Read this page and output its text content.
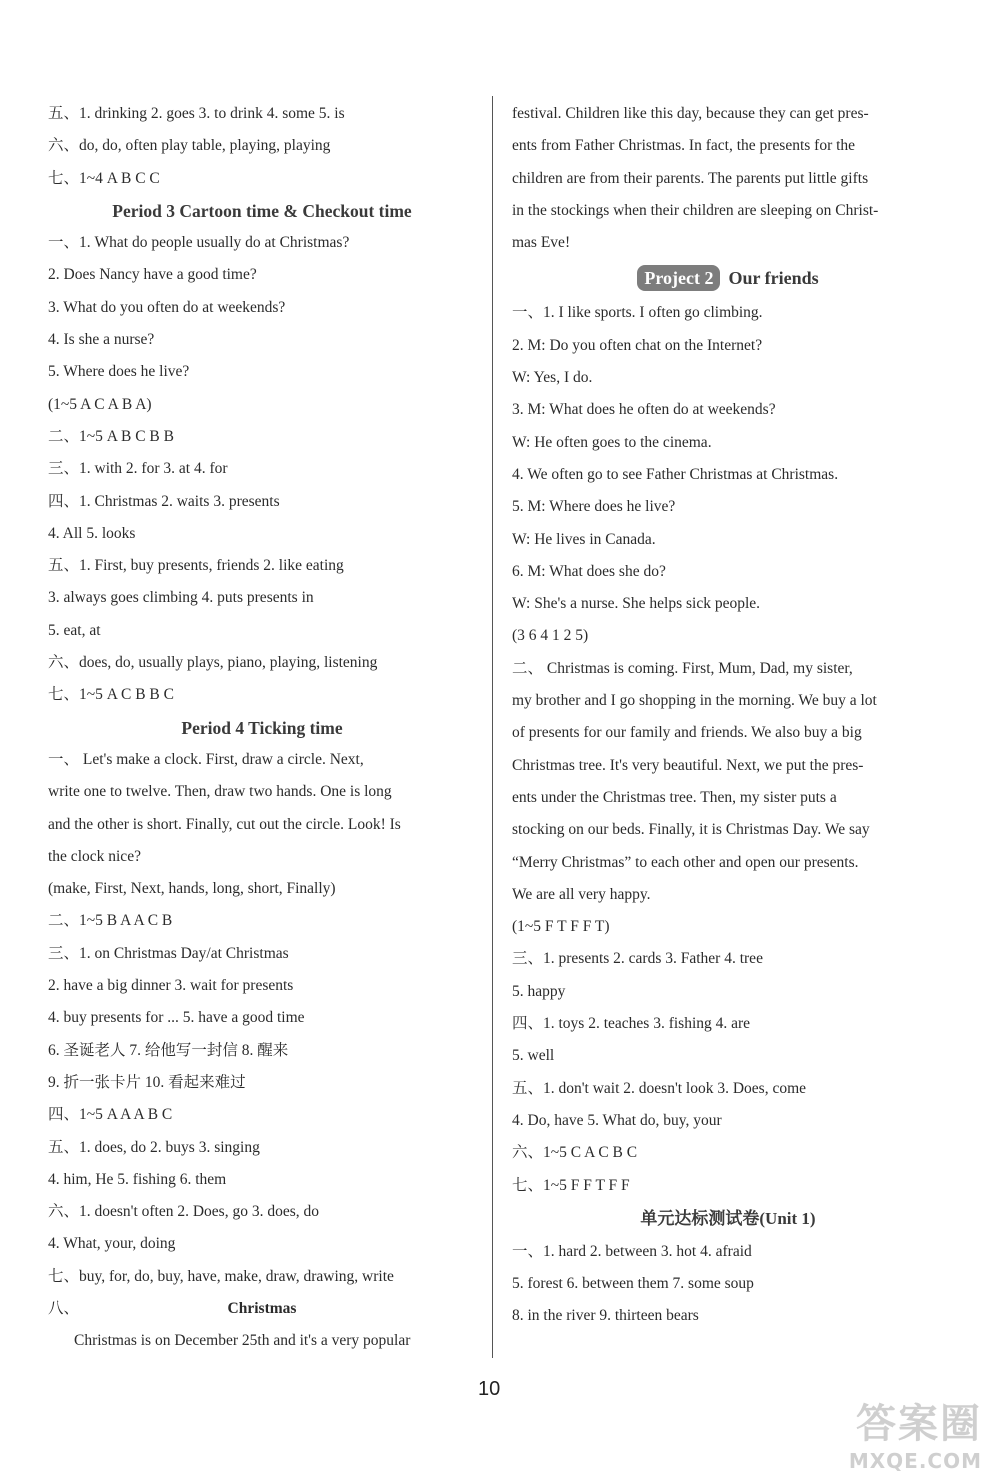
五、1. drinking 2. goes 3. to drink 4. some 5. is
六、do, do, often play table, playing, playing
七、1~4 A B C C
Period 3 Cartoon time & Checkout time
一、1. What do people usually do at Christmas?
2. Does Nancy have a good time?
3. What do you often do at weekends?
4. Is she a nurse?
5. Where does he live?
(1~5 A C A B A)
二、1~5 A B C B B
三、1. with 2. for 3. at 4. for
四、1. Christmas 2. waits 3. presents
4. All 5. looks
五、1. First, buy presents, friends 2. like eating
3. always goes climbing 4. puts presents in
5. eat, at
六、does, do, usually plays, piano, playing, listening
七、1~5 A C B B C
Period 4 Ticking time
一、 Let's make a clock. First, draw a circle. Next,
write one to twelve. Then, draw two hands. One is long
and the other is short. Finally, cut out the circle. Look! Is
the clock nice?
(make, First, Next, hands, long, short, Finally)
二、1~5 B A A C B
三、1. on Christmas Day/at Christmas
2. have a big dinner 3. wait for presents
4. buy presents for ... 5. have a good time
6. 圣诞老人 7. 给他写一封信 8. 醒来
9. 折一张卡片 10. 看起来难过
四、1~5 A A A B C
五、1. does, do 2. buys 3. singing
4. him, He 5. fishing 6. them
六、1. doesn't often 2. Does, go 3. does, do
4. What, your, doing
七、buy, for, do, buy, have, make, draw, drawing, write
八、	Christmas
Christmas is on December 25th and it's a very popular
festival. Children like this day, because they can get pres-
ents from Father Christmas. In fact, the presents for the
children are from their parents. The parents put little gifts
in the stockings when their children are sleeping on Christ-
mas Eve!
Project 2 Our friends
一、1. I like sports. I often go climbing.
2. M: Do you often chat on the Internet?
W: Yes, I do.
3. M: What does he often do at weekends?
W: He often goes to the cinema.
4. We often go to see Father Christmas at Christmas.
5. M: Where does he live?
W: He lives in Canada.
6. M: What does she do?
W: She's a nurse. She helps sick people.
(3 6 4 1 2 5)
二、 Christmas is coming. First, Mum, Dad, my sister,
my brother and I go shopping in the morning. We buy a lot
of presents for our family and friends. We also buy a big
Christmas tree. It's very beautiful. Next, we put the pres-
ents under the Christmas tree. Then, my sister puts a
stocking on our beds. Finally, it is Christmas Day. We say
“Merry Christmas” to each other and open our presents.
We are all very happy.
(1~5 F T F F T)
三、1. presents 2. cards 3. Father 4. tree
5. happy
四、1. toys 2. teaches 3. fishing 4. are
5. well
五、1. don't wait 2. doesn't look 3. Does, come
4. Do, have 5. What do, buy, your
六、1~5 C A C B C
七、1~5 F F T F F
单元达标测试卷(Unit 1)
一、1. hard 2. between 3. hot 4. afraid
5. forest 6. between them 7. some soup
8. in the river 9. thirteen bears
10
答案圈
MXQE.COM
